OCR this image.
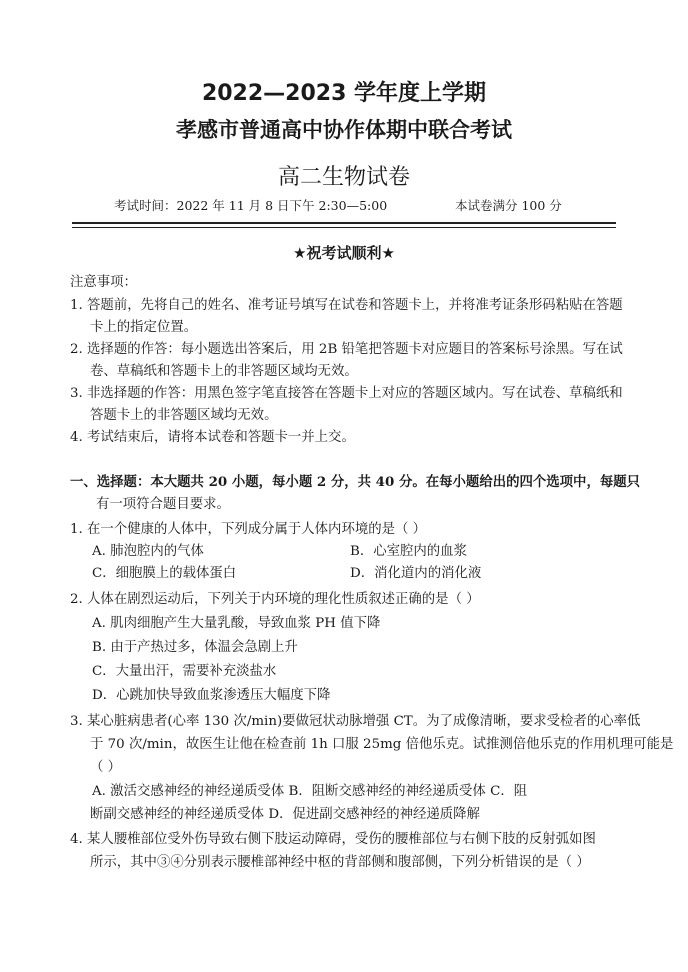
2022—2023 学年度上学期
孝感市普通高中协作体期中联合考试
高二生物试卷
考试时间：2022 年 11 月 8 日下午 2:30—5:00	本试卷满分 100 分
★祝考试顺利★
注意事项：
1. 答题前，先将自己的姓名、准考证号填写在试卷和答题卡上，并将准考证条形码粘贴在答题
卡上的指定位置。
2. 选择题的作答：每小题选出答案后，用 2B 铅笔把答题卡对应题目的答案标号涂黑。写在试
卷、草稿纸和答题卡上的非答题区域均无效。
3. 非选择题的作答：用黑色签字笔直接答在答题卡上对应的答题区域内。写在试卷、草稿纸和
答题卡上的非答题区域均无效。
4. 考试结束后，请将本试卷和答题卡一并上交。
一、选择题：本大题共 20 小题，每小题 2 分，共 40 分。在每小题给出的四个选项中，每题只
有一项符合题目要求。
1. 在一个健康的人体中，下列成分属于人体内环境的是（ ）
A. 肺泡腔内的气体	B．心室腔内的血浆
C．细胞膜上的载体蛋白	D．消化道内的消化液
2. 人体在剧烈运动后，下列关于内环境的理化性质叙述正确的是（ ）
A. 肌肉细胞产生大量乳酸，导致血浆 PH 值下降
B. 由于产热过多，体温会急剧上升
C．大量出汗，需要补充淡盐水
D．心跳加快导致血浆渗透压大幅度下降
3. 某心脏病患者(心率 130 次/min)要做冠状动脉增强 CT。为了成像清晰，要求受检者的心率低
于 70 次/min，故医生让他在检查前 1h 口服 25mg 倍他乐克。试推测倍他乐克的作用机理可能是
（ ）
A. 激活交感神经的神经递质受体 B．阻断交感神经的神经递质受体 C．阻
断副交感神经的神经递质受体 D．促进副交感神经的神经递质降解
4. 某人腰椎部位受外伤导致右侧下肢运动障碍，受伤的腰椎部位与右侧下肢的反射弧如图
所示，其中③④分别表示腰椎部神经中枢的背部侧和腹部侧，下列分析错误的是（ ）
